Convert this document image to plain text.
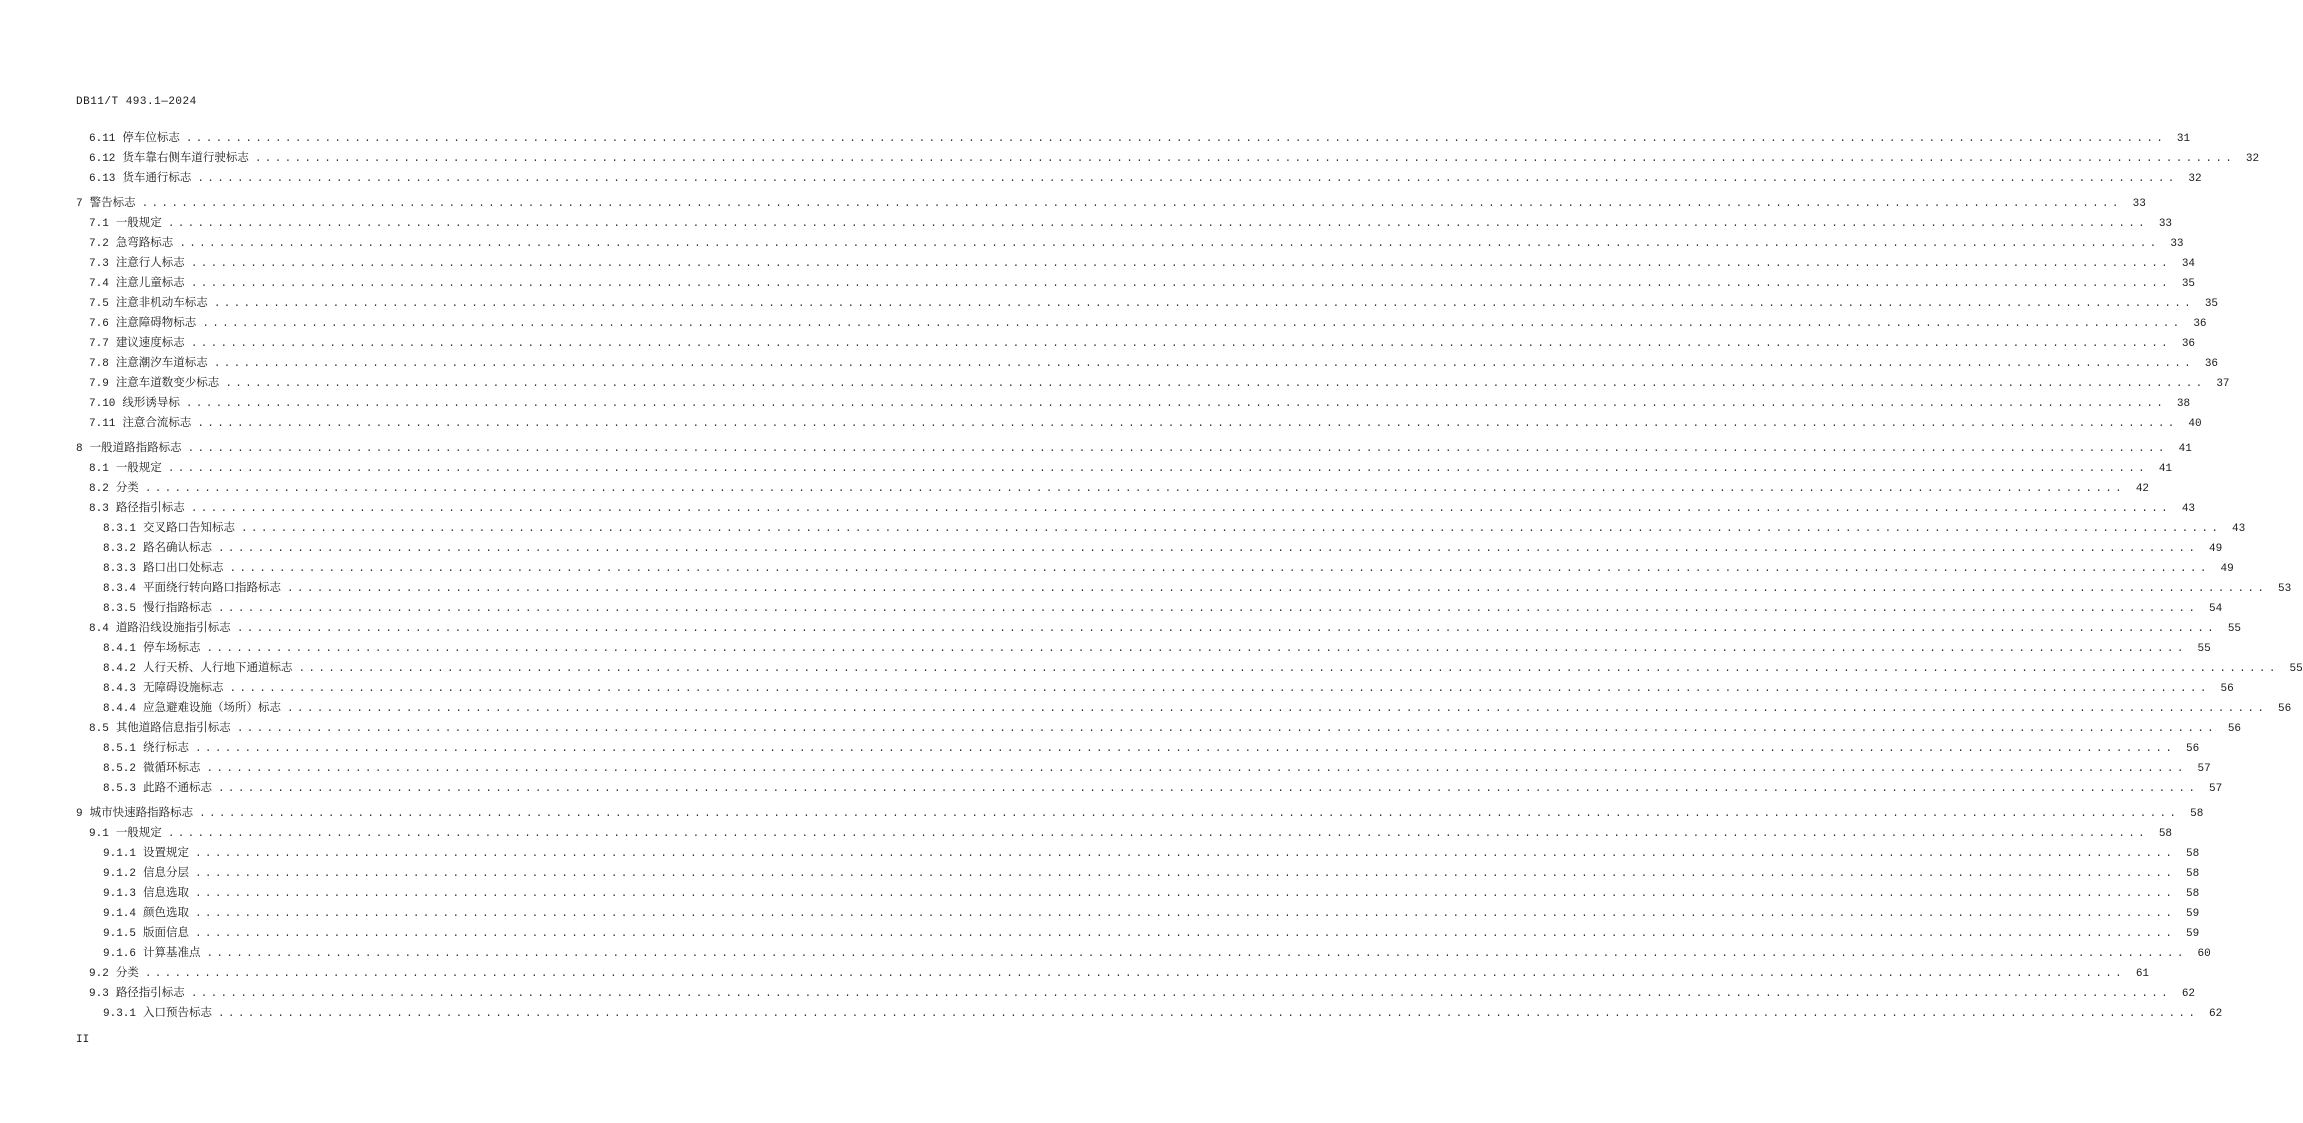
DB11/T 493.1—2024
6.11 停车位标志 ........................................................................................................................................................................................................ 31
6.12 货车靠右侧车道行驶标志 ........................................................................................................................................................................................................ 32
6.13 货车通行标志 ........................................................................................................................................................................................................ 32
7 警告标志 ........................................................................................................................................................................................................ 33
7.1 一般规定 ........................................................................................................................................................................................................ 33
7.2 急弯路标志 ........................................................................................................................................................................................................ 33
7.3 注意行人标志 ........................................................................................................................................................................................................ 34
7.4 注意儿童标志 ........................................................................................................................................................................................................ 35
7.5 注意非机动车标志 ........................................................................................................................................................................................................ 35
7.6 注意障碍物标志 ........................................................................................................................................................................................................ 36
7.7 建议速度标志 ........................................................................................................................................................................................................ 36
7.8 注意潮汐车道标志 ........................................................................................................................................................................................................ 36
7.9 注意车道数变少标志 ........................................................................................................................................................................................................ 37
7.10 线形诱导标 ........................................................................................................................................................................................................ 38
7.11 注意合流标志 ........................................................................................................................................................................................................ 40
8 一般道路指路标志 ........................................................................................................................................................................................................ 41
8.1 一般规定 ........................................................................................................................................................................................................ 41
8.2 分类 ........................................................................................................................................................................................................ 42
8.3 路径指引标志 ........................................................................................................................................................................................................ 43
8.3.1 交叉路口告知标志 ........................................................................................................................................................................................................ 43
8.3.2 路名确认标志 ........................................................................................................................................................................................................ 49
8.3.3 路口出口处标志 ........................................................................................................................................................................................................ 49
8.3.4 平面绕行转向路口指路标志 ........................................................................................................................................................................................................ 53
8.3.5 慢行指路标志 ........................................................................................................................................................................................................ 54
8.4 道路沿线设施指引标志 ........................................................................................................................................................................................................ 55
8.4.1 停车场标志 ........................................................................................................................................................................................................ 55
8.4.2 人行天桥、人行地下通道标志 ........................................................................................................................................................................................................ 55
8.4.3 无障碍设施标志 ........................................................................................................................................................................................................ 56
8.4.4 应急避难设施（场所）标志 ........................................................................................................................................................................................................ 56
8.5 其他道路信息指引标志 ........................................................................................................................................................................................................ 56
8.5.1 绕行标志 ........................................................................................................................................................................................................ 56
8.5.2 微循环标志 ........................................................................................................................................................................................................ 57
8.5.3 此路不通标志 ........................................................................................................................................................................................................ 57
9 城市快速路指路标志 ........................................................................................................................................................................................................ 58
9.1 一般规定 ........................................................................................................................................................................................................ 58
9.1.1 设置规定 ........................................................................................................................................................................................................ 58
9.1.2 信息分层 ........................................................................................................................................................................................................ 58
9.1.3 信息选取 ........................................................................................................................................................................................................ 58
9.1.4 颜色选取 ........................................................................................................................................................................................................ 59
9.1.5 版面信息 ........................................................................................................................................................................................................ 59
9.1.6 计算基准点 ........................................................................................................................................................................................................ 60
9.2 分类 ........................................................................................................................................................................................................ 61
9.3 路径指引标志 ........................................................................................................................................................................................................ 62
9.3.1 入口预告标志 ........................................................................................................................................................................................................ 62
II
